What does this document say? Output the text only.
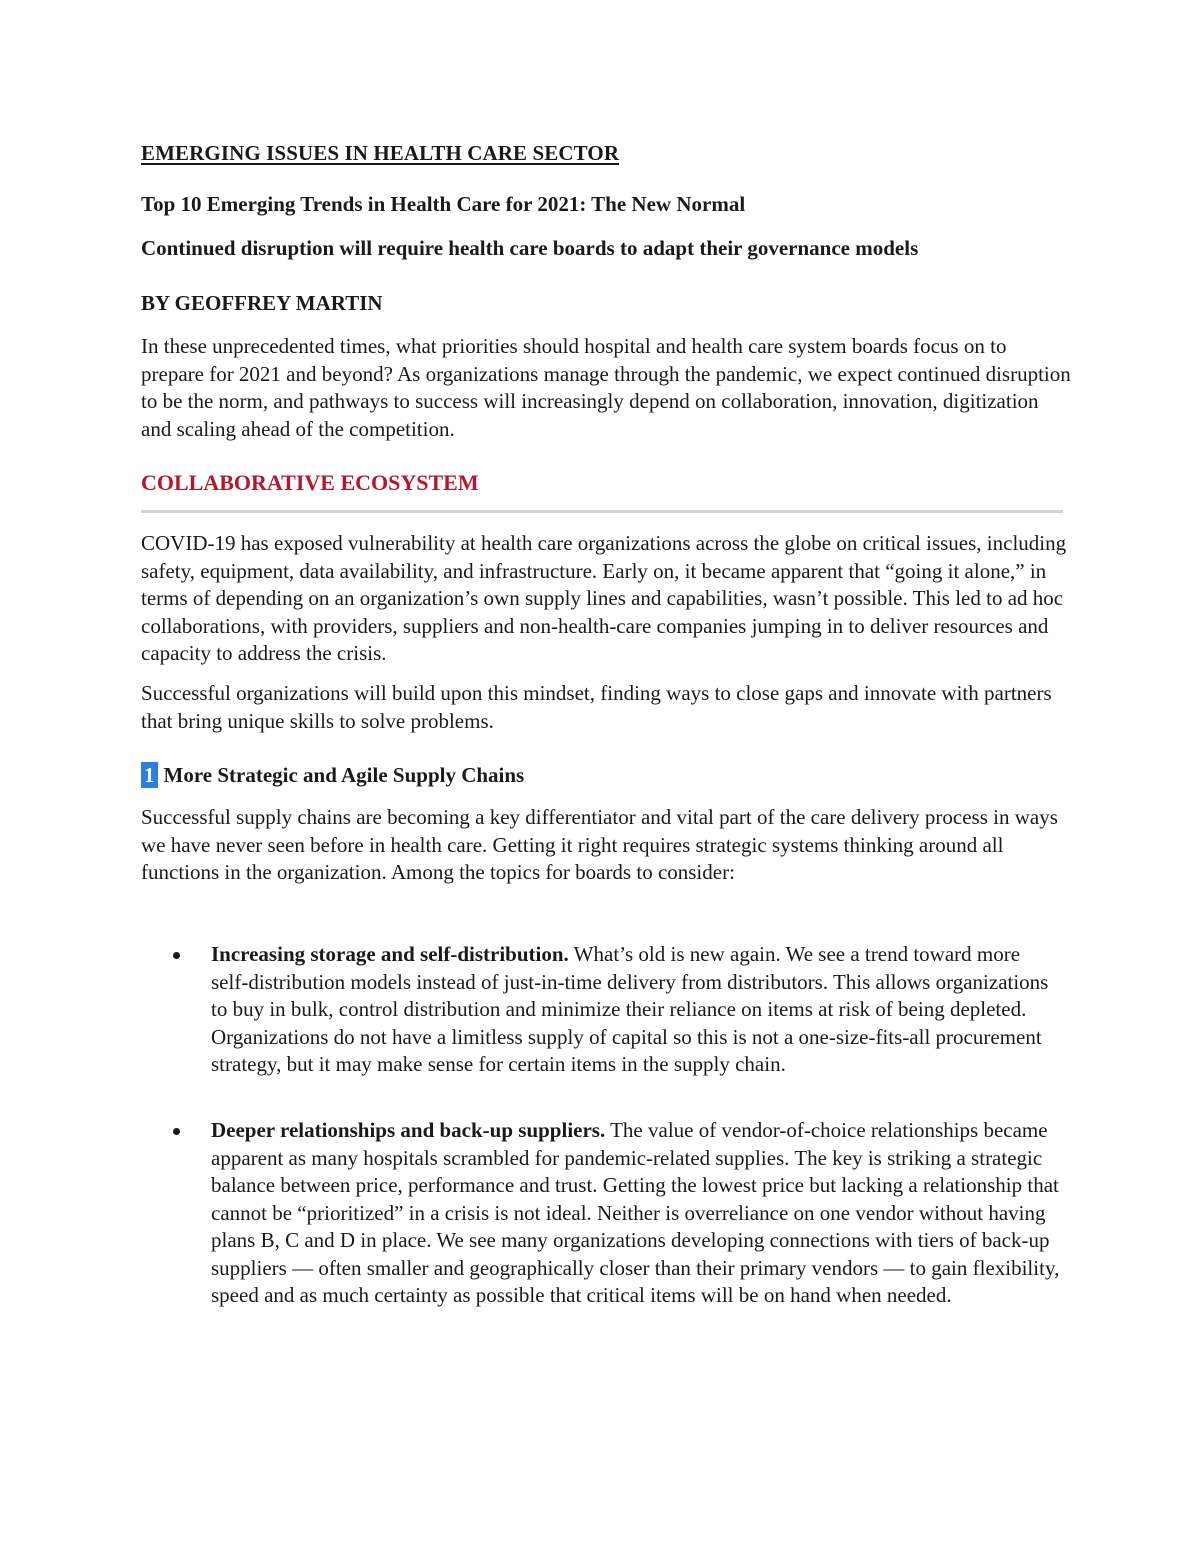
EMERGING ISSUES IN HEALTH CARE SECTOR

Top 10 Emerging Trends in Health Care for 2021: The New Normal

Continued disruption will require health care boards to adapt their governance models

BY GEOFFREY MARTIN

In these unprecedented times, what priorities should hospital and health care system boards focus on to prepare for 2021 and beyond? As organizations manage through the pandemic, we expect continued disruption to be the norm, and pathways to success will increasingly depend on collaboration, innovation, digitization and scaling ahead of the competition.

COLLABORATIVE ECOSYSTEM

COVID-19 has exposed vulnerability at health care organizations across the globe on critical issues, including safety, equipment, data availability, and infrastructure. Early on, it became apparent that “going it alone,” in terms of depending on an organization’s own supply lines and capabilities, wasn’t possible. This led to ad hoc collaborations, with providers, suppliers and non-health-care companies jumping in to deliver resources and capacity to address the crisis.

Successful organizations will build upon this mindset, finding ways to close gaps and innovate with partners that bring unique skills to solve problems.

1 More Strategic and Agile Supply Chains

Successful supply chains are becoming a key differentiator and vital part of the care delivery process in ways we have never seen before in health care. Getting it right requires strategic systems thinking around all functions in the organization. Among the topics for boards to consider:

Increasing storage and self-distribution. What’s old is new again. We see a trend toward more self-distribution models instead of just-in-time delivery from distributors. This allows organizations to buy in bulk, control distribution and minimize their reliance on items at risk of being depleted. Organizations do not have a limitless supply of capital so this is not a one-size-fits-all procurement strategy, but it may make sense for certain items in the supply chain.
Deeper relationships and back-up suppliers. The value of vendor-of-choice relationships became apparent as many hospitals scrambled for pandemic-related supplies. The key is striking a strategic balance between price, performance and trust. Getting the lowest price but lacking a relationship that cannot be “prioritized” in a crisis is not ideal. Neither is overreliance on one vendor without having plans B, C and D in place. We see many organizations developing connections with tiers of back-up suppliers — often smaller and geographically closer than their primary vendors — to gain flexibility, speed and as much certainty as possible that critical items will be on hand when needed.
